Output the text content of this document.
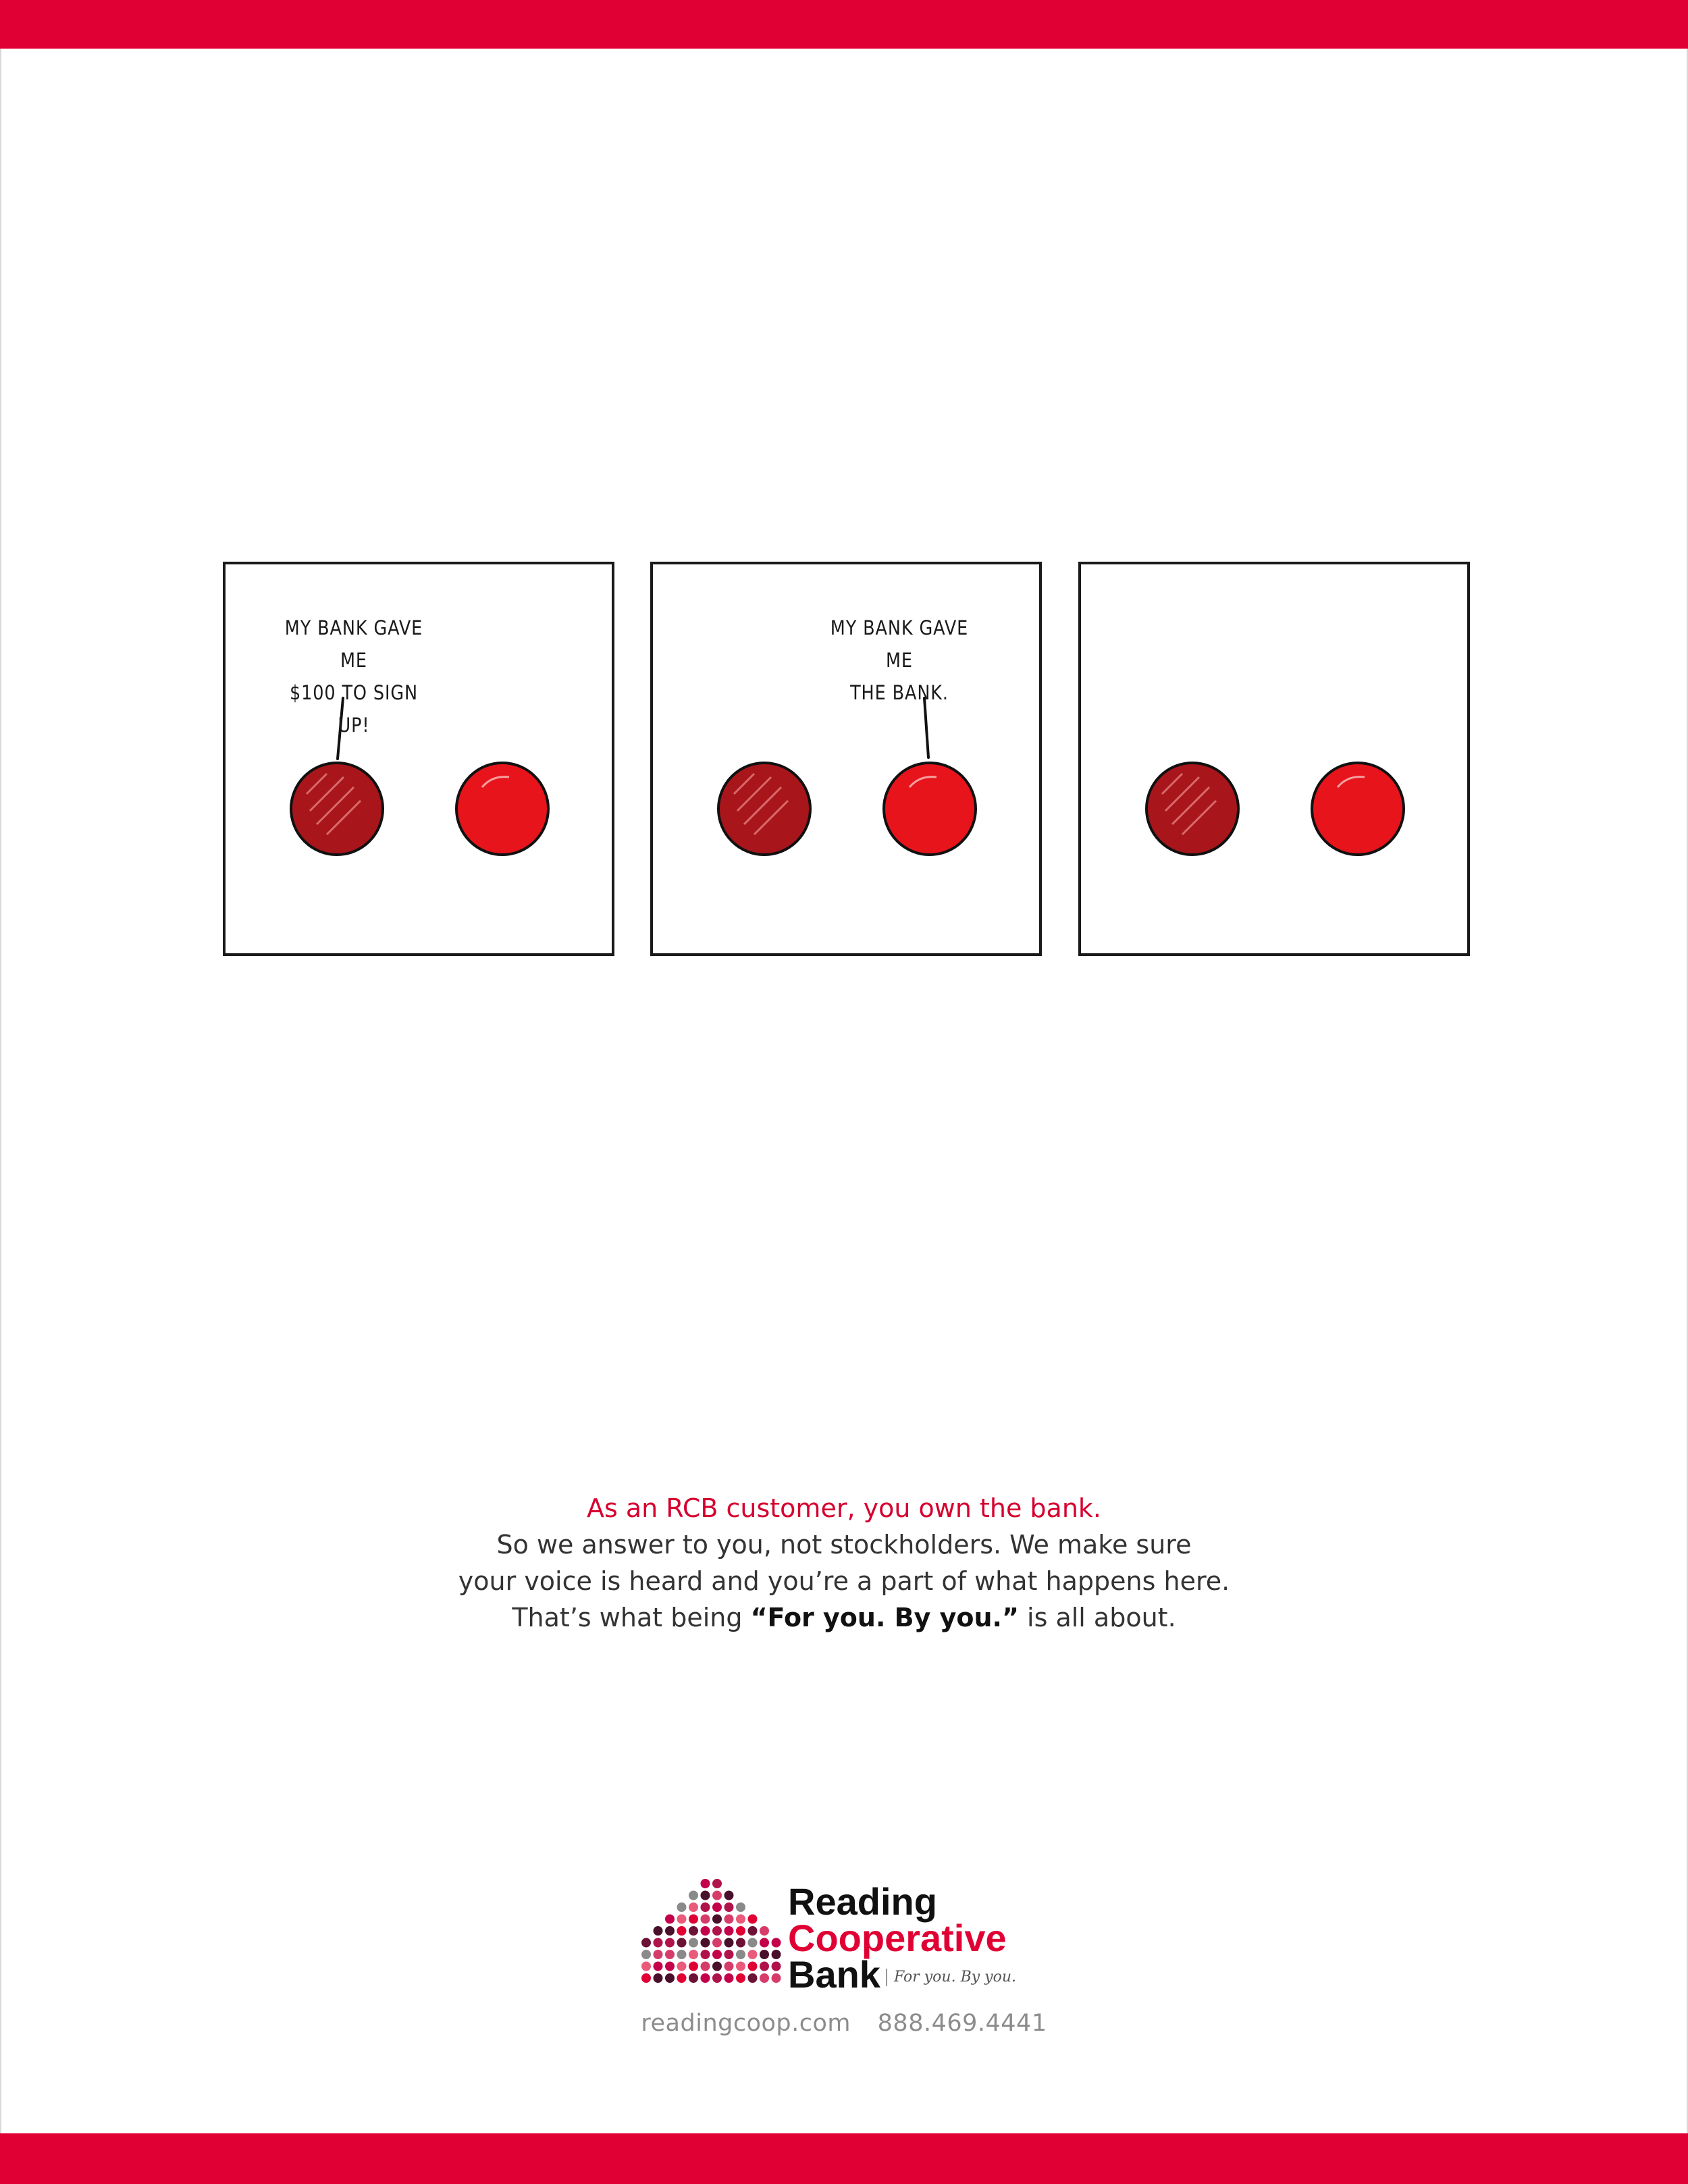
MY BANK GAVE ME
$100 TO SIGN UP!
MY BANK GAVE ME
THE BANK.
As an RCB customer, you own the bank.
So we answer to you, not stockholders. We make sure
your voice is heard and you’re a part of what happens here.
That’s what being “For you. By you.” is all about.
Reading
Cooperative
Bank For you. By you.
readingcoop.com 888.469.4441
